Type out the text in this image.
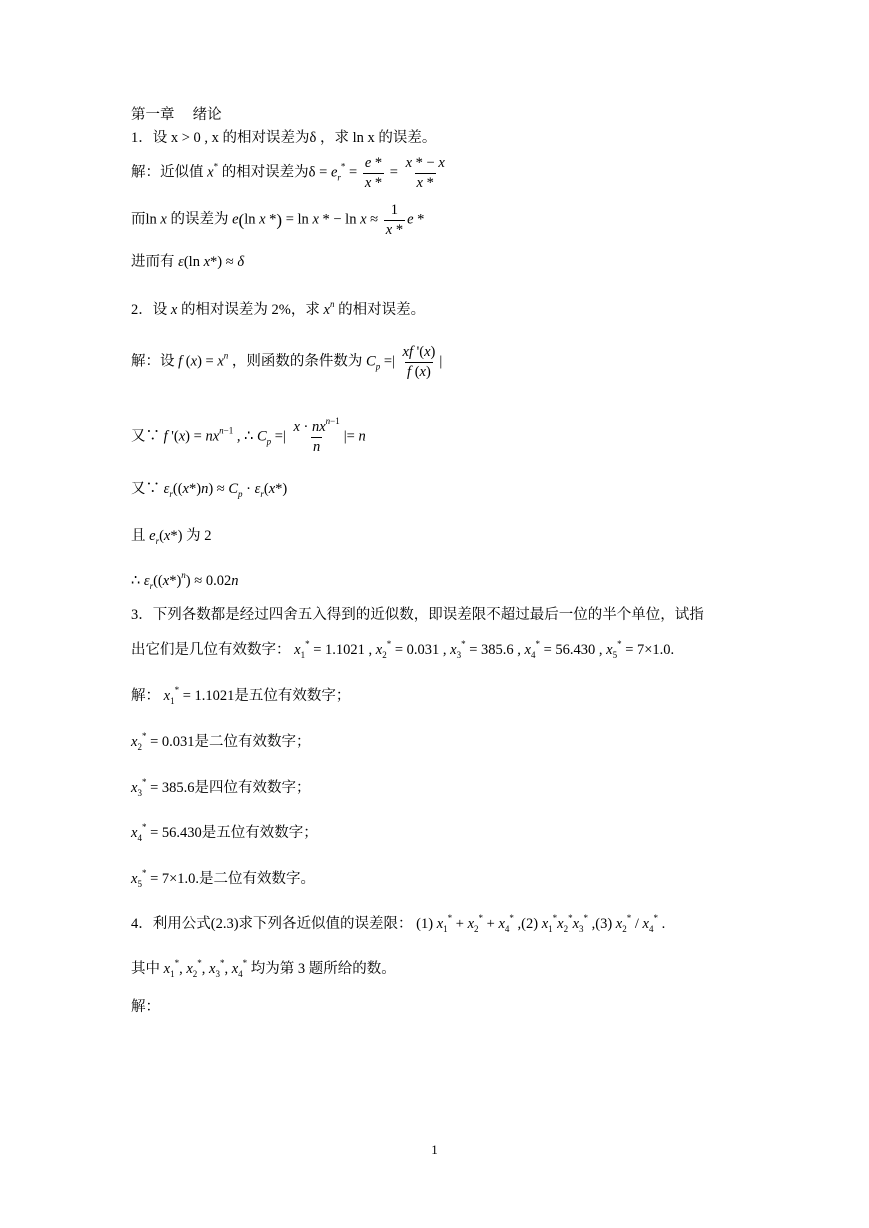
第一章　 绪论
1．设 x > 0 , x 的相对误差为δ ，求 ln x 的误差。
解：近似值 x* 的相对误差为$\delta = e_r^* = \frac{e *}{x *} = \frac{x * - x}{x *}$
而ln x 的误差为 e(ln x *) = ln x * − $\ln x \approx \frac{1}{x *}$ e *
进而有 ε(ln x*) ≈ δ
2．设 x 的相对误差为 2%，求 $x^n$ 的相对误差。
解：设 f $(x) = x^n$ ，则函数的条件数为 $C_p$ =| $\frac{xf '(x)}{f (x)}$ |
又∵ f '$(x) = nx^{n-1}$ , ∴ $C_p$ =| $\frac{x \cdot nx^{n-1}}{n}$ |= n
又∵ $\varepsilon_r((x*)n) \approx C_p \cdot \varepsilon_r(x*)$
且 $e_r(x*)$ 为 2
∴ $\varepsilon_r((x*)^n) \approx 0.02n$
3．下列各数都是经过四舍五入得到的近似数，即误差限不超过最后一位的半个单位，试指
出它们是几位有效数字： $x_1^* = 1.1021$ , $x_2^* = 0.031$ , $x_3^* = 385.6$ , $x_4^* = 56.430$ , $x_5^* = 7\times 1.0$.
解： $x_1^* = 1.1021$是五位有效数字；
$x_2^* = 0.031$是二位有效数字；
$x_3^* = 385.6$是四位有效数字；
$x_4^* = 56.430$是五位有效数字；
$x_5^* = 7\times 1.0$.是二位有效数字。
4．利用公式(2.3)求下列各近似值的误差限： (1) $x_1^* + x_2^* + x_4^*$ ,(2) $x_1^*x_2^*x_3^*$ ,(3) $x_2^* / x_4^*$ .
其中 $x_1^*$, $x_2^*$, $x_3^*$, $x_4^*$ 均为第 3 题所给的数。
解：
1
